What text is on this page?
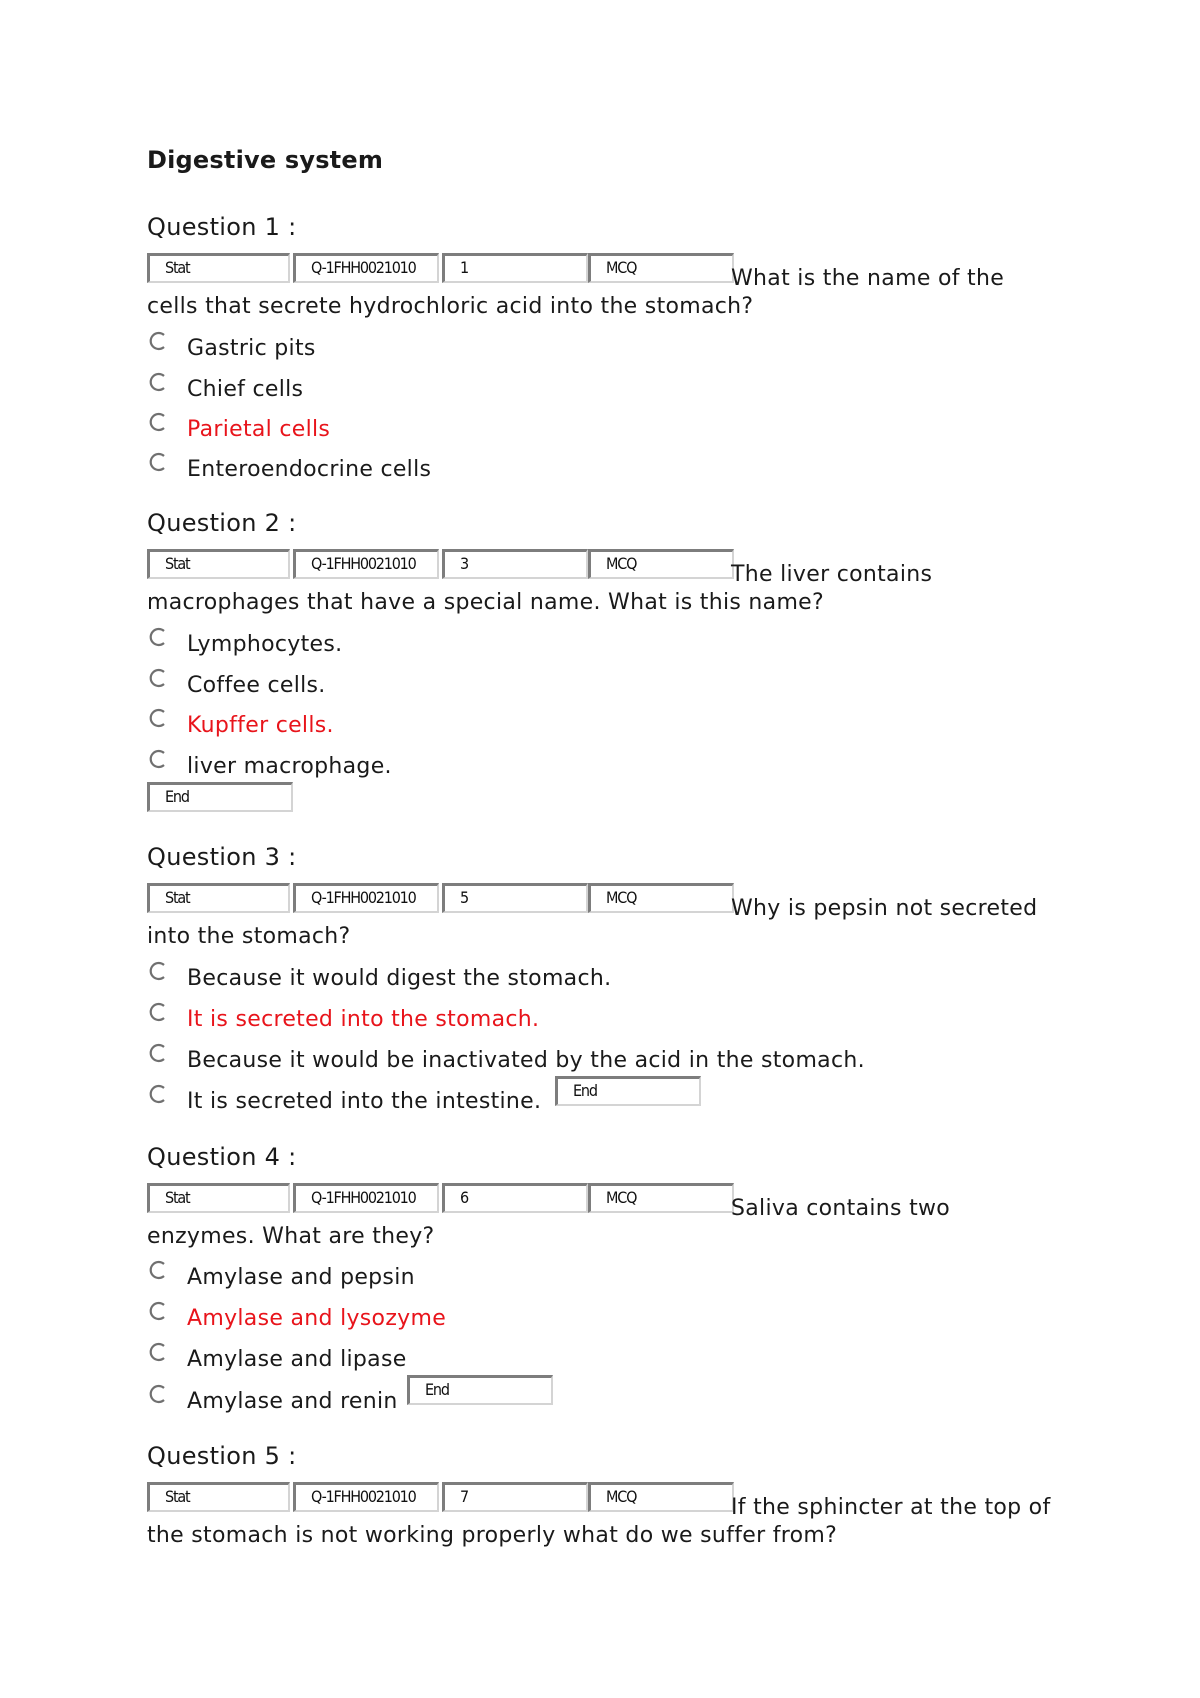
Digestive system
Question 1 :
Stat	Q-1FHH0021010	1	MCQ	What is the name of the
cells that secrete hydrochloric acid into the stomach?
Gastric pits
Chief cells
Parietal cells
Enteroendocrine cells
Question 2 :
Stat	Q-1FHH0021010	3	MCQ	The liver contains
macrophages that have a special name. What is this name?
Lymphocytes.
Coffee cells.
Kupffer cells.
liver macrophage.
End
Question 3 :
Stat	Q-1FHH0021010	5	MCQ	Why is pepsin not secreted
into the stomach?
Because it would digest the stomach.
It is secreted into the stomach.
Because it would be inactivated by the acid in the stomach.
It is secreted into the intestine.	End
Question 4 :
Stat	Q-1FHH0021010	6	MCQ	Saliva contains two
enzymes. What are they?
Amylase and pepsin
Amylase and lysozyme
Amylase and lipase
Amylase and renin	End
Question 5 :
Stat	Q-1FHH0021010	7	MCQ	If the sphincter at the top of
the stomach is not working properly what do we suffer from?
